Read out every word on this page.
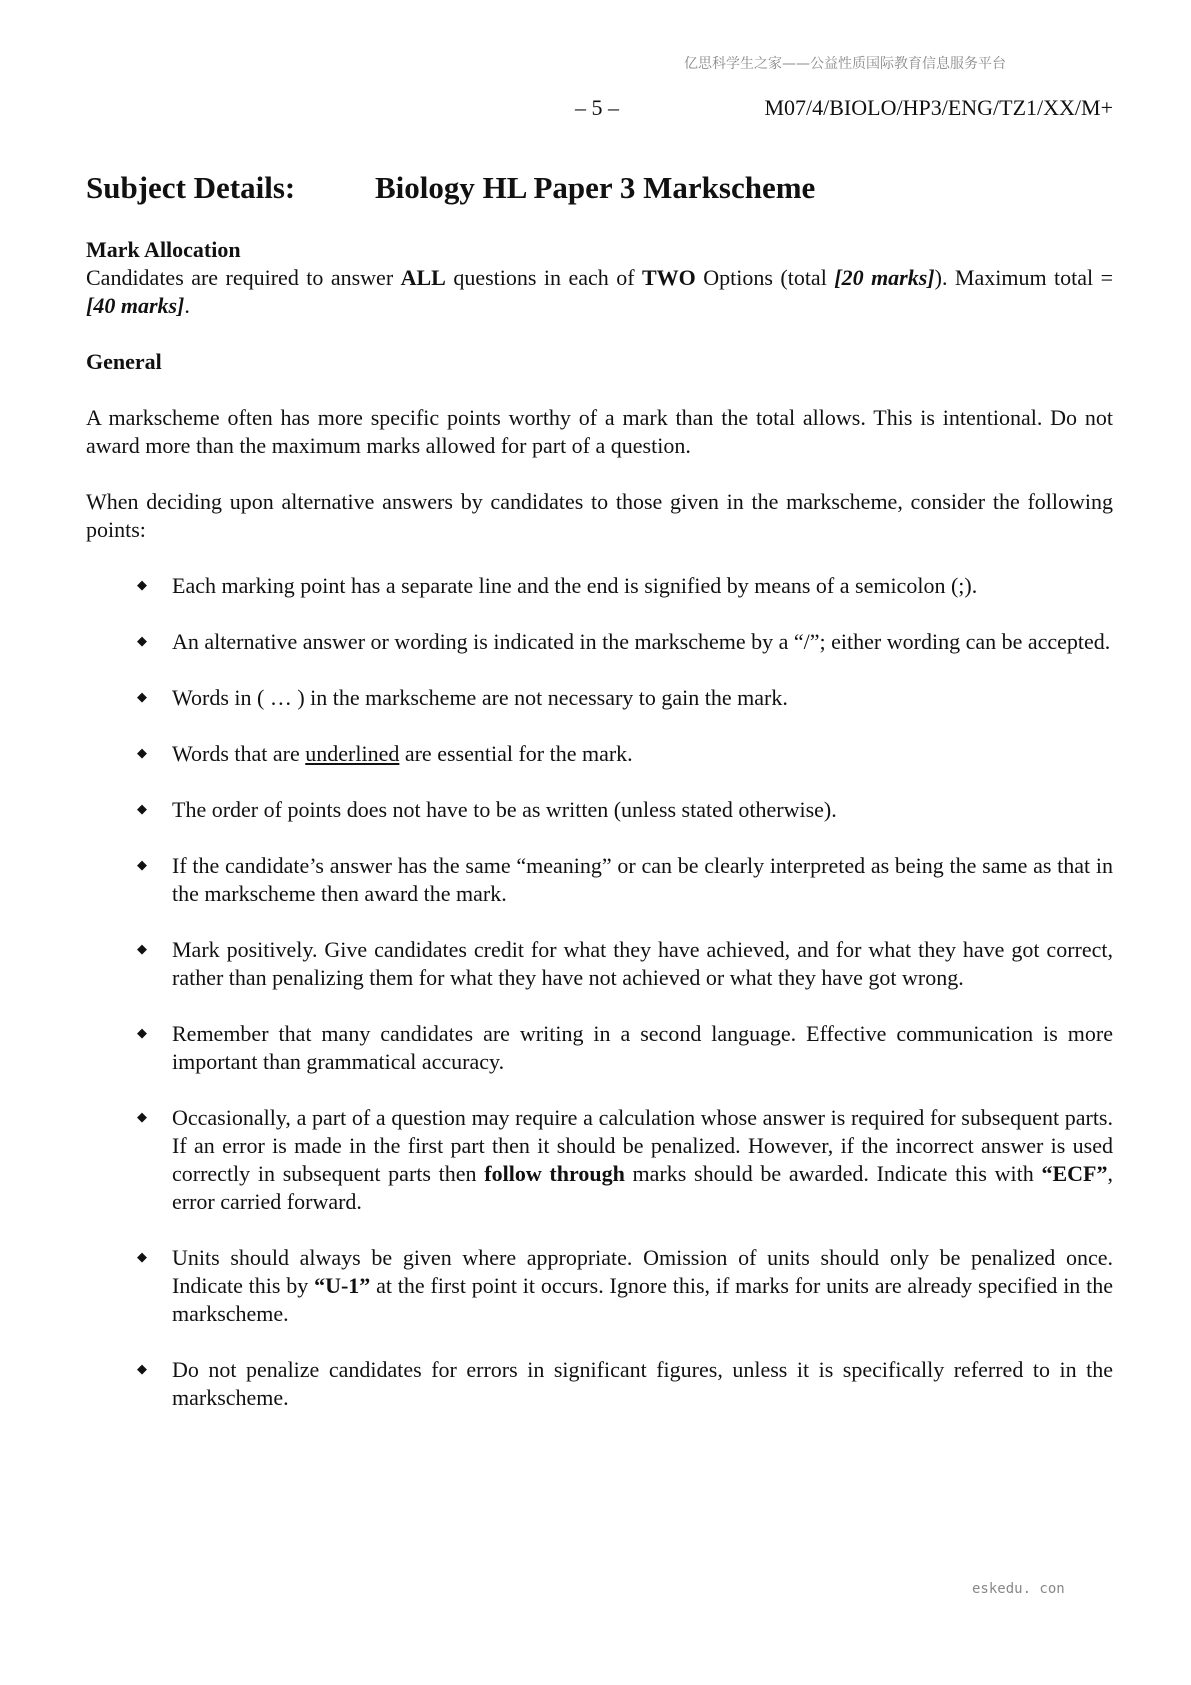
亿思科学生之家——公益性质国际教育信息服务平台
– 5 –	M07/4/BIOLO/HP3/ENG/TZ1/XX/M+
Subject Details:	Biology HL Paper 3 Markscheme

Mark Allocation

Candidates are required to answer ALL questions in each of TWO Options (total [20 marks]). Maximum total = [40 marks].

General

A markscheme often has more specific points worthy of a mark than the total allows. This is intentional. Do not award more than the maximum marks allowed for part of a question.

When deciding upon alternative answers by candidates to those given in the markscheme, consider the following points:

◆ Each marking point has a separate line and the end is signified by means of a semicolon (;).
◆ An alternative answer or wording is indicated in the markscheme by a “/”; either wording can be accepted.
◆ Words in ( … ) in the markscheme are not necessary to gain the mark.
◆ Words that are underlined are essential for the mark.
◆ The order of points does not have to be as written (unless stated otherwise).
◆ If the candidate’s answer has the same “meaning” or can be clearly interpreted as being the same as that in the markscheme then award the mark.
◆ Mark positively. Give candidates credit for what they have achieved, and for what they have got correct, rather than penalizing them for what they have not achieved or what they have got wrong.
◆ Remember that many candidates are writing in a second language. Effective communication is more important than grammatical accuracy.
◆ Occasionally, a part of a question may require a calculation whose answer is required for subsequent parts. If an error is made in the first part then it should be penalized. However, if the incorrect answer is used correctly in subsequent parts then follow through marks should be awarded. Indicate this with “ECF”, error carried forward.
◆ Units should always be given where appropriate. Omission of units should only be penalized once. Indicate this by “U-1” at the first point it occurs. Ignore this, if marks for units are already specified in the markscheme.
◆ Do not penalize candidates for errors in significant figures, unless it is specifically referred to in the markscheme.
eskedu. con
